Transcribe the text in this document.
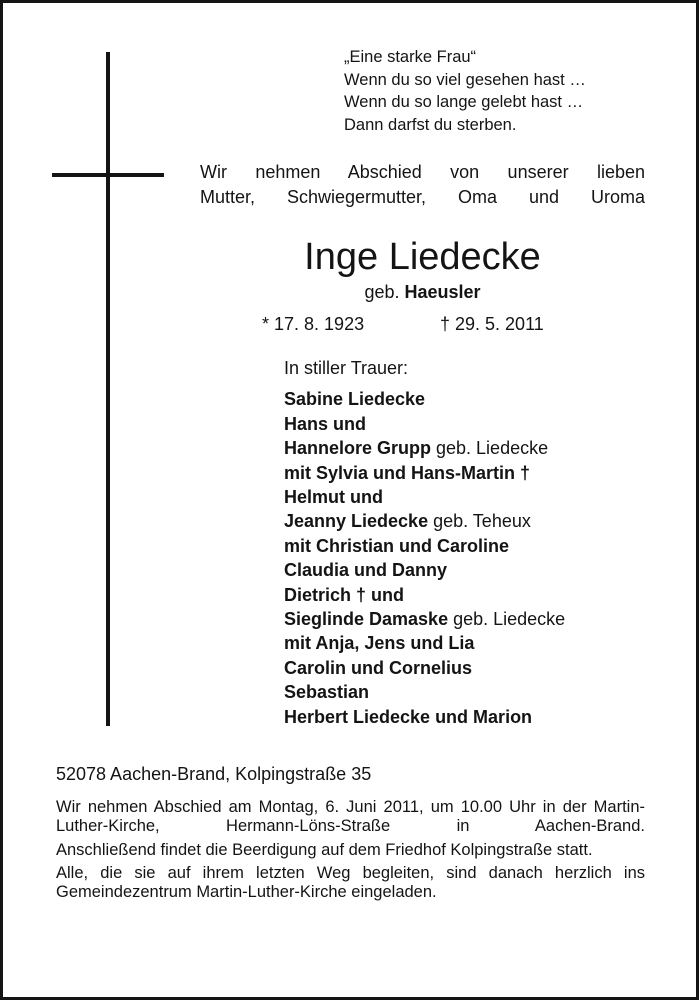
„Eine starke Frau“
Wenn du so viel gesehen hast …
Wenn du so lange gelebt hast …
Dann darfst du sterben.
Wir nehmen Abschied von unserer lieben
Mutter, Schwiegermutter, Oma und Uroma
Inge Liedecke
geb. Haeusler
* 17. 8. 1923	† 29. 5. 2011
In stiller Trauer:
Sabine Liedecke
Hans und
Hannelore Grupp geb. Liedecke
mit Sylvia und Hans-Martin †
Helmut und
Jeanny Liedecke geb. Teheux
mit Christian und Caroline
Claudia und Danny
Dietrich † und
Sieglinde Damaske geb. Liedecke
mit Anja, Jens und Lia
Carolin und Cornelius
Sebastian
Herbert Liedecke und Marion
52078 Aachen-Brand, Kolpingstraße 35

Wir nehmen Abschied am Montag, 6. Juni 2011, um 10.00 Uhr in der Martin-Luther-Kirche, Hermann-Löns-Straße in Aachen-Brand.

Anschließend findet die Beerdigung auf dem Friedhof Kolpingstraße statt.

Alle, die sie auf ihrem letzten Weg begleiten, sind danach herzlich ins Gemeindezentrum Martin-Luther-Kirche eingeladen.
